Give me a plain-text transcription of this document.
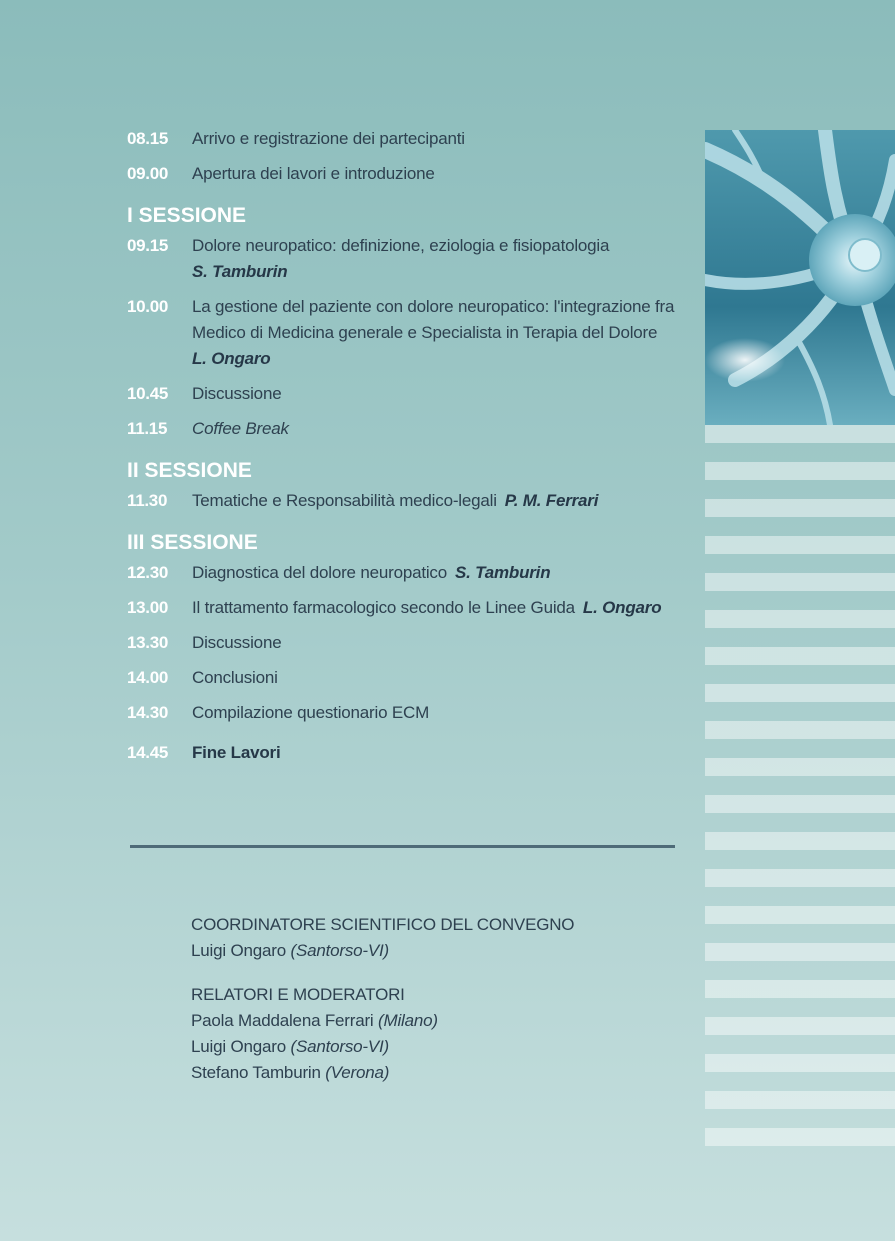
08.15	Arrivo e registrazione dei partecipanti
09.00	Apertura dei lavori e introduzione
I SESSIONE
09.15	Dolore neuropatico: definizione, eziologia e fisiopatologia
S. Tamburin
10.00	La gestione del paziente con dolore neuropatico: l'integrazione fra Medico di Medicina generale e Specialista in Terapia del Dolore
L. Ongaro
10.45	Discussione
11.15	Coffee Break
II SESSIONE
11.30	Tematiche e Responsabilità medico-legali P. M. Ferrari
III SESSIONE
12.30	Diagnostica del dolore neuropatico S. Tamburin
13.00	Il trattamento farmacologico secondo le Linee Guida L. Ongaro
13.30	Discussione
14.00	Conclusioni
14.30	Compilazione questionario ECM
14.45	Fine Lavori
COORDINATORE SCIENTIFICO DEL CONVEGNO
Luigi Ongaro (Santorso-VI)
RELATORI E MODERATORI
Paola Maddalena Ferrari (Milano)
Luigi Ongaro (Santorso-VI)
Stefano Tamburin (Verona)
